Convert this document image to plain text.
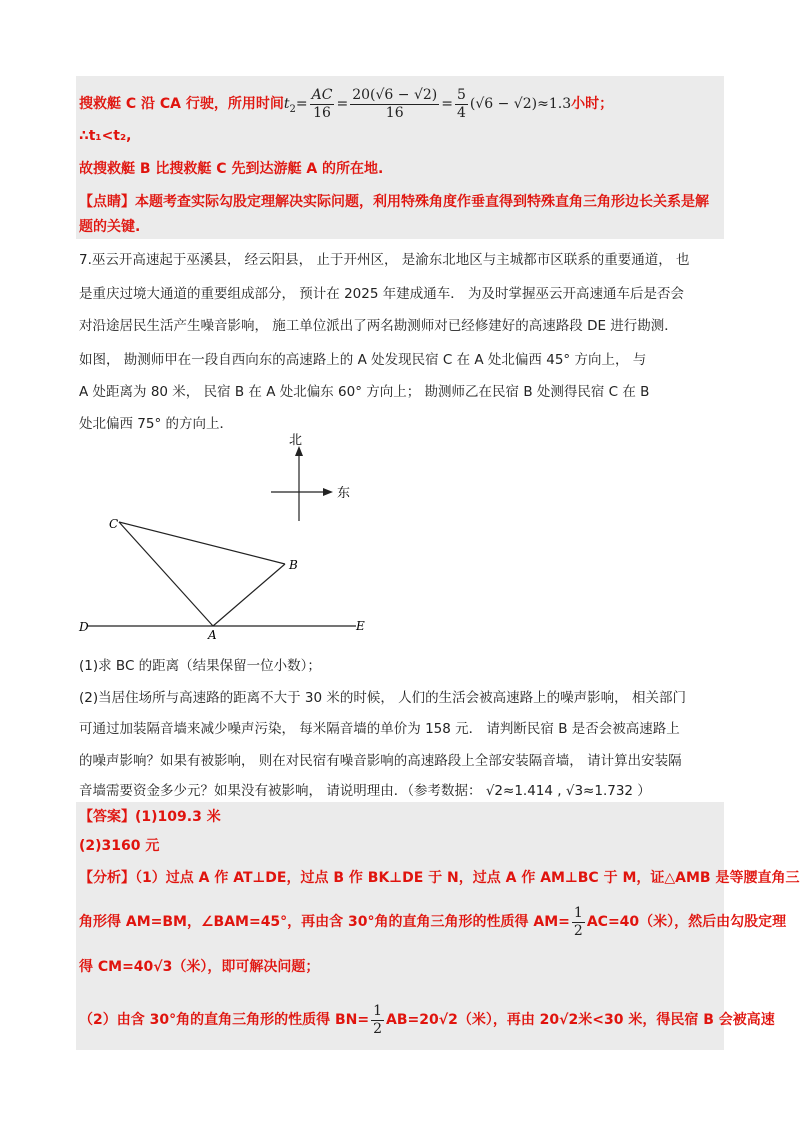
搜救艇 C 沿 CA 行驶，所用时间$t_2= \frac{AC}{16} = \frac{20(√6 - √2)}{16} = \frac{5}{4} (√6 - √2)\approx 1.3$小时；
∴t₁<t₂,
故搜救艇 B 比搜救艇 C 先到达游艇 A 的所在地.
【点睛】本题考查实际勾股定理解决实际问题，利用特殊角度作垂直得到特殊直角三角形边长关系是解
题的关键.
7.巫云开高速起于巫溪县， 经云阳县， 止于开州区， 是渝东北地区与主城都市区联系的重要通道， 也
是重庆过境大通道的重要组成部分， 预计在 2025 年建成通车． 为及时掌握巫云开高速通车后是否会
对沿途居民生活产生噪音影响， 施工单位派出了两名勘测师对已经修建好的高速路段 DE 进行勘测．
如图， 勘测师甲在一段自西向东的高速路上的 A 处发现民宿 C 在 A 处北偏西 45° 方向上， 与
A 处距离为 80 米， 民宿 B 在 A 处北偏东 60° 方向上； 勘测师乙在民宿 B 处测得民宿 C 在 B
处北偏西 75° 的方向上．
北
东
C
B
A
D	E
(1)求 BC 的距离（结果保留一位小数）；
(2)当居住场所与高速路的距离不大于 30 米的时候， 人们的生活会被高速路上的噪声影响， 相关部门
可通过加装隔音墙来减少噪声污染， 每米隔音墙的单价为 158 元． 请判断民宿 B 是否会被高速路上
的噪声影响？如果有被影响， 则在对民宿有噪音影响的高速路段上全部安装隔音墙， 请计算出安装隔
音墙需要资金多少元？如果没有被影响， 请说明理由．（参考数据： √2≈1.414 , √3≈1.732 ）
【答案】(1)109.3 米
(2)3160 元
【分析】（1）过点 A 作 AT⊥DE，过点 B 作 BK⊥DE 于 N，过点 A 作 AM⊥BC 于 M，证△AMB 是等腰直角三
角形得 AM=BM，∠BAM=45°，再由含 30°角的直角三角形的性质得 $AM= \frac{1}{2} AC=40$（米），然后由勾股定理
得 CM=40√3（米），即可解决问题；
（2）由含 30°角的直角三角形的性质得 $BN= \frac{1}{2} AB=20√2$（米），再由 20√2米<30 米，得民宿 B 会被高速
